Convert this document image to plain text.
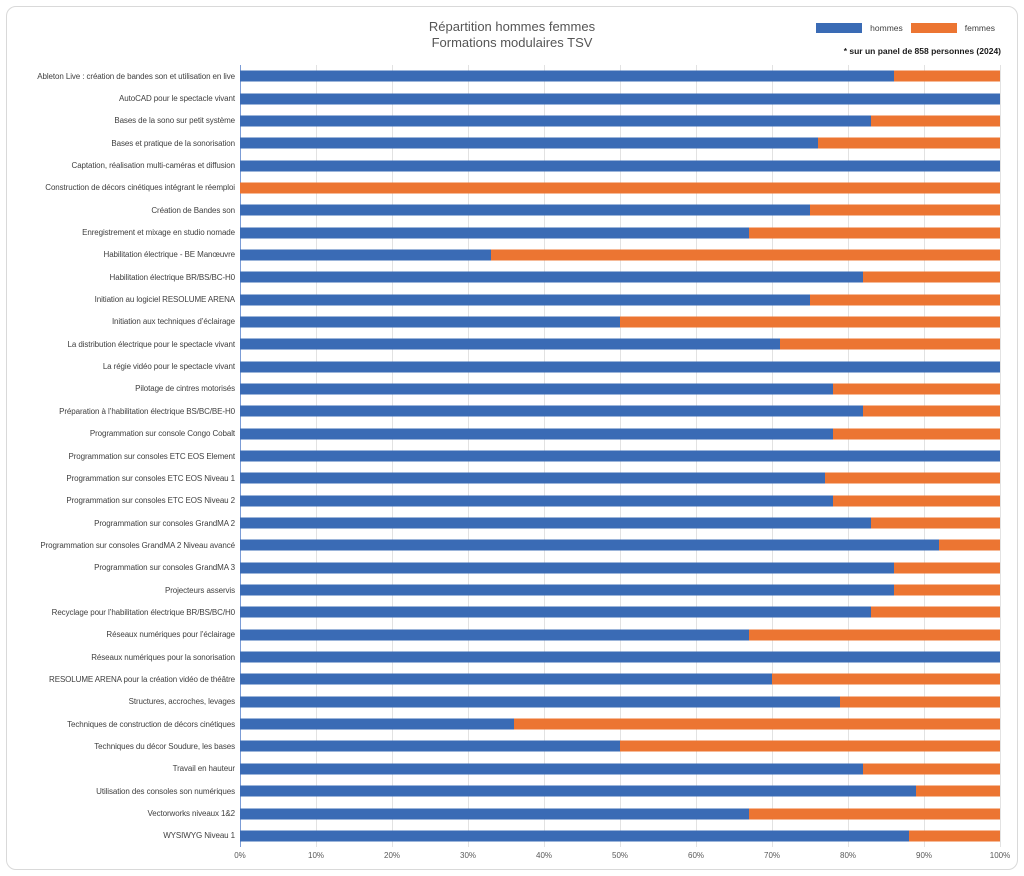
Répartition hommes femmes
Formations modulaires TSV
hommes	femmes
* sur un panel de 858 personnes (2024)
Ableton Live : création de bandes son et utilisation en live
AutoCAD pour le spectacle vivant
Bases de la sono sur petit système
Bases et pratique de la sonorisation
Captation, réalisation multi-caméras et diffusion
Construction de décors cinétiques intégrant le réemploi
Création de Bandes son
Enregistrement et mixage en studio nomade
Habilitation électrique - BE Manœuvre
Habilitation électrique BR/BS/BC-H0
Initiation au logiciel RESOLUME ARENA
Initiation aux techniques d’éclairage
La distribution électrique pour le spectacle vivant
La régie vidéo pour le spectacle vivant
Pilotage de cintres motorisés
Préparation à l’habilitation électrique BS/BC/BE-H0
Programmation sur console Congo Cobalt
Programmation sur consoles ETC EOS Element
Programmation sur consoles ETC EOS Niveau 1
Programmation sur consoles ETC EOS Niveau 2
Programmation sur consoles GrandMA 2
Programmation sur consoles GrandMA 2 Niveau avancé
Programmation sur consoles GrandMA 3
Projecteurs asservis
Recyclage pour l’habilitation électrique BR/BS/BC/H0
Réseaux numériques pour l’éclairage
Réseaux numériques pour la sonorisation
RESOLUME ARENA pour la création vidéo de théâtre
Structures, accroches, levages
Techniques de construction de décors cinétiques
Techniques du décor Soudure, les bases
Travail en hauteur
Utilisation des consoles son numériques
Vectorworks niveaux 1&2
WYSIWYG Niveau 1
0%	10%	20%	30%	40%	50%	60%	70%	80%	90%	100%
